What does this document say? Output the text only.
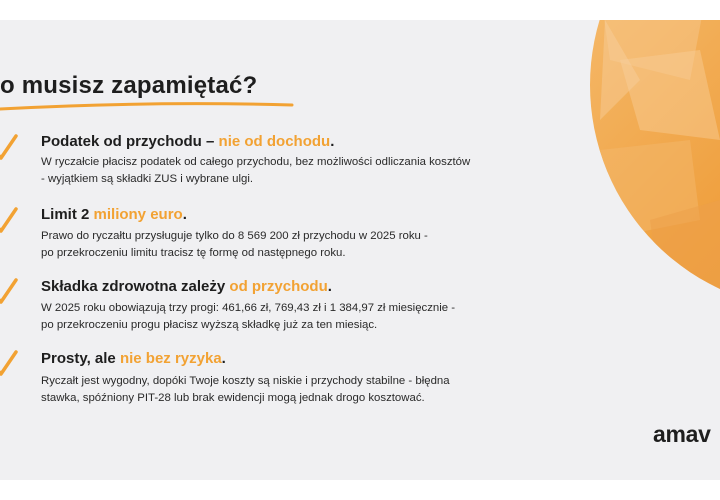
o musisz zapamiętać?
Podatek od przychodu – nie od dochodu.
W ryczałcie płacisz podatek od całego przychodu, bez możliwości odliczania kosztów
- wyjątkiem są składki ZUS i wybrane ulgi.
Limit 2 miliony euro.
Prawo do ryczałtu przysługuje tylko do 8 569 200 zł przychodu w 2025 roku -
po przekroczeniu limitu tracisz tę formę od następnego roku.
Składka zdrowotna zależy od przychodu.
W 2025 roku obowiązują trzy progi: 461,66 zł, 769,43 zł i 1 384,97 zł miesięcznie -
po przekroczeniu progu płacisz wyższą składkę już za ten miesiąc.
Prosty, ale nie bez ryzyka.
Ryczałt jest wygodny, dopóki Twoje koszty są niskie i przychody stabilne - błędna
stawka, spóźniony PIT-28 lub brak ewidencji mogą jednak drogo kosztować.
amav
